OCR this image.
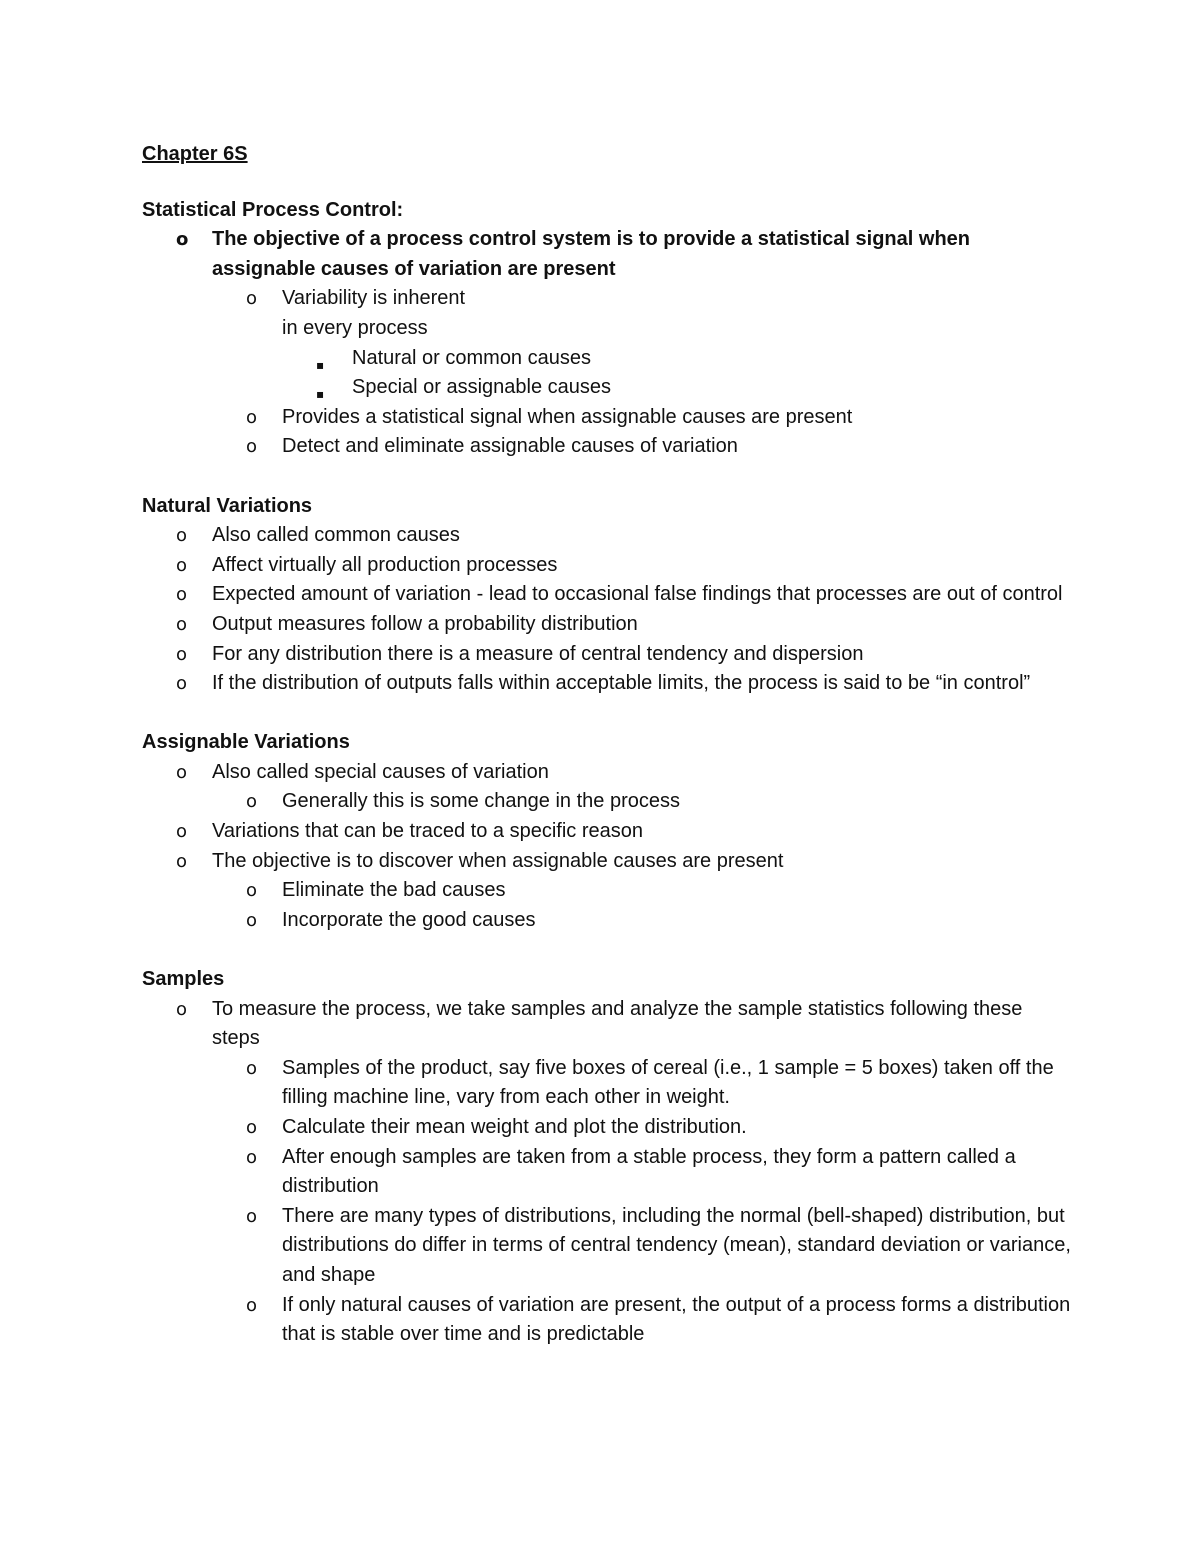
Chapter 6S
Statistical Process Control:
o The objective of a process control system is to provide a statistical signal when assignable causes of variation are present
o Variability is inherent
in every process
▪ Natural or common causes
▪ Special or assignable causes
o Provides a statistical signal when assignable causes are present
o Detect and eliminate assignable causes of variation
Natural Variations
o Also called common causes
o Affect virtually all production processes
o Expected amount of variation - lead to occasional false findings that processes are out of control
o Output measures follow a probability distribution
o For any distribution there is a measure of central tendency and dispersion
o If the distribution of outputs falls within acceptable limits, the process is said to be “in control”
Assignable Variations
o Also called special causes of variation
o Generally this is some change in the process
o Variations that can be traced to a specific reason
o The objective is to discover when assignable causes are present
o Eliminate the bad causes
o Incorporate the good causes
Samples
o To measure the process, we take samples and analyze the sample statistics following these steps
o Samples of the product, say five boxes of cereal (i.e., 1 sample = 5 boxes) taken off the filling machine line, vary from each other in weight.
o Calculate their mean weight and plot the distribution.
o After enough samples are taken from a stable process, they form a pattern called a distribution
o There are many types of distributions, including the normal (bell-shaped) distribution, but distributions do differ in terms of central tendency (mean), standard deviation or variance, and shape
o If only natural causes of variation are present, the output of a process forms a distribution that is stable over time and is predictable
